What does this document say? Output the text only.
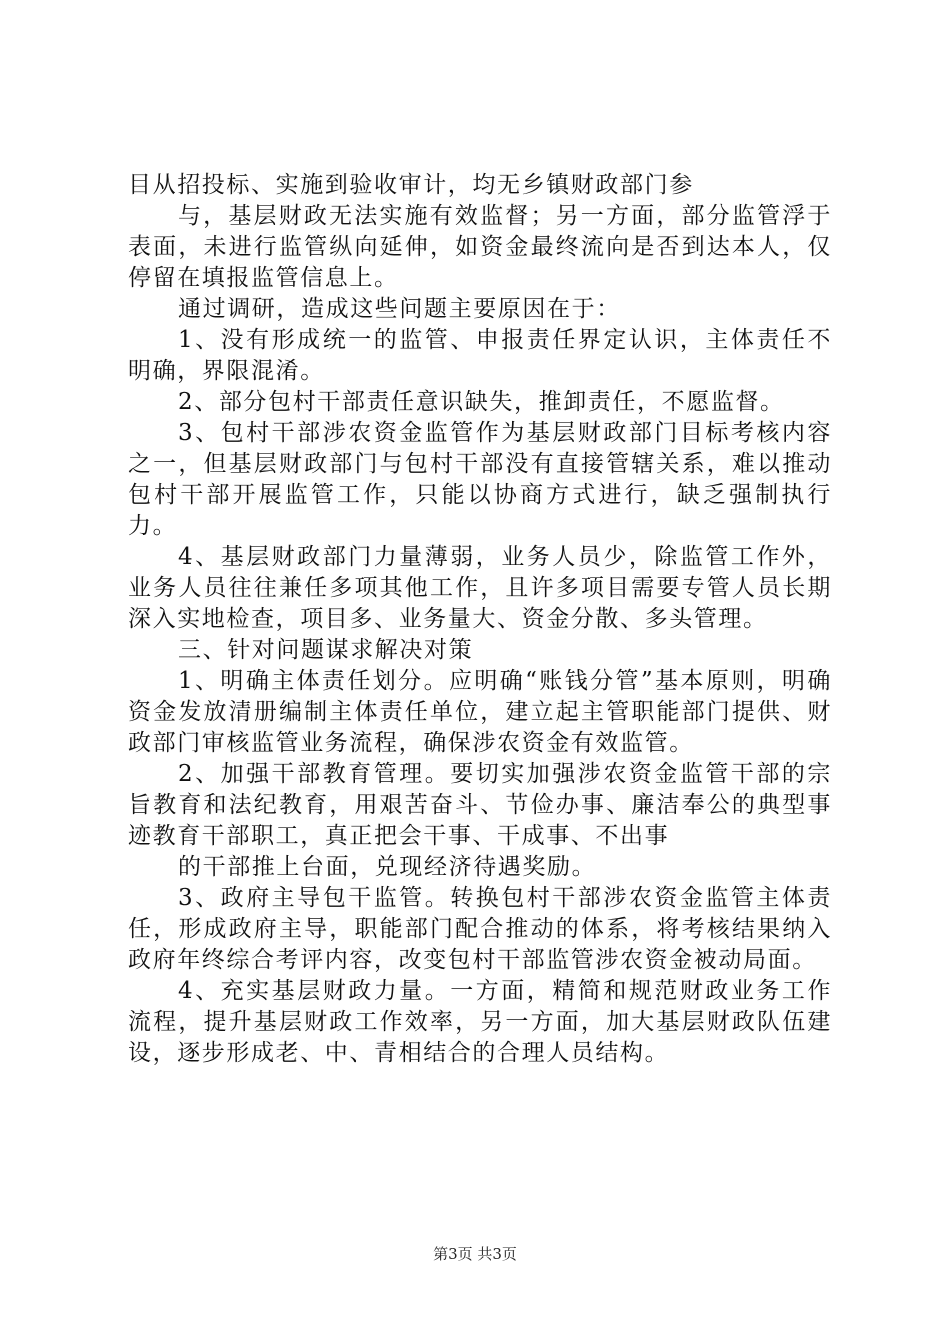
目从招投标、实施到验收审计，均无乡镇财政部门参

与，基层财政无法实施有效监督；另一方面，部分监管浮于表面，未进行监管纵向延伸，如资金最终流向是否到达本人，仅停留在填报监管信息上。

通过调研，造成这些问题主要原因在于：

1、没有形成统一的监管、申报责任界定认识，主体责任不明确，界限混淆。

2、部分包村干部责任意识缺失，推卸责任，不愿监督。

3、包村干部涉农资金监管作为基层财政部门目标考核内容之一，但基层财政部门与包村干部没有直接管辖关系，难以推动包村干部开展监管工作，只能以协商方式进行，缺乏强制执行力。

4、基层财政部门力量薄弱，业务人员少，除监管工作外，业务人员往往兼任多项其他工作，且许多项目需要专管人员长期深入实地检查，项目多、业务量大、资金分散、多头管理。

三、针对问题谋求解决对策

1、明确主体责任划分。应明确“账钱分管”基本原则，明确资金发放清册编制主体责任单位，建立起主管职能部门提供、财政部门审核监管业务流程，确保涉农资金有效监管。

2、加强干部教育管理。要切实加强涉农资金监管干部的宗旨教育和法纪教育，用艰苦奋斗、节俭办事、廉洁奉公的典型事迹教育干部职工，真正把会干事、干成事、不出事

的干部推上台面，兑现经济待遇奖励。

3、政府主导包干监管。转换包村干部涉农资金监管主体责任，形成政府主导，职能部门配合推动的体系，将考核结果纳入政府年终综合考评内容，改变包村干部监管涉农资金被动局面。

4、充实基层财政力量。一方面，精简和规范财政业务工作流程，提升基层财政工作效率，另一方面，加大基层财政队伍建设，逐步形成老、中、青相结合的合理人员结构。

第3页 共3页
